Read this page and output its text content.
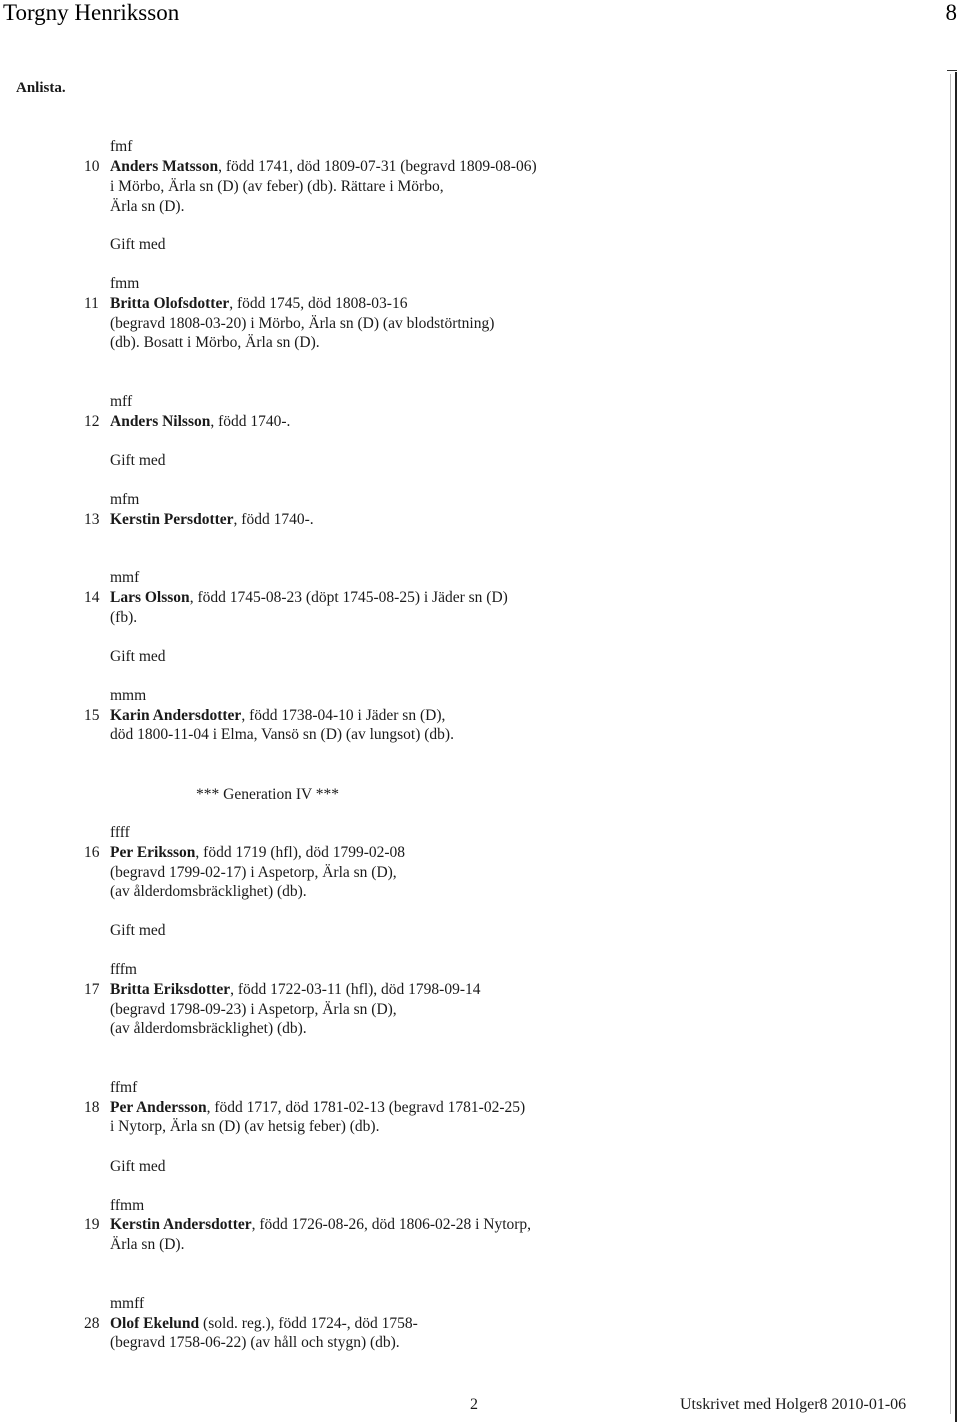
Torgny Henriksson	8
Anlista.
fmf
10 Anders Matsson, född 1741, död 1809-07-31 (begravd 1809-08-06)
i Mörbo, Ärla sn (D) (av feber) (db). Rättare i Mörbo,
Ärla sn (D).
Gift med
fmm
11 Britta Olofsdotter, född 1745, död 1808-03-16
(begravd 1808-03-20) i Mörbo, Ärla sn (D) (av blodstörtning)
(db). Bosatt i Mörbo, Ärla sn (D).
mff
12 Anders Nilsson, född 1740-.
Gift med
mfm
13 Kerstin Persdotter, född 1740-.
mmf
14 Lars Olsson, född 1745-08-23 (döpt 1745-08-25) i Jäder sn (D)
(fb).
Gift med
mmm
15 Karin Andersdotter, född 1738-04-10 i Jäder sn (D),
död 1800-11-04 i Elma, Vansö sn (D) (av lungsot) (db).
*** Generation IV ***
ffff
16 Per Eriksson, född 1719 (hfl), död 1799-02-08
(begravd 1799-02-17) i Aspetorp, Ärla sn (D),
(av ålderdomsbräcklighet) (db).
Gift med
fffm
17 Britta Eriksdotter, född 1722-03-11 (hfl), död 1798-09-14
(begravd 1798-09-23) i Aspetorp, Ärla sn (D),
(av ålderdomsbräcklighet) (db).
ffmf
18 Per Andersson, född 1717, död 1781-02-13 (begravd 1781-02-25)
i Nytorp, Ärla sn (D) (av hetsig feber) (db).
Gift med
ffmm
19 Kerstin Andersdotter, född 1726-08-26, död 1806-02-28 i Nytorp,
Ärla sn (D).
mmff
28 Olof Ekelund (sold. reg.), född 1724-, död 1758-
(begravd 1758-06-22) (av håll och stygn) (db).
2	Utskrivet med Holger8 2010-01-06
